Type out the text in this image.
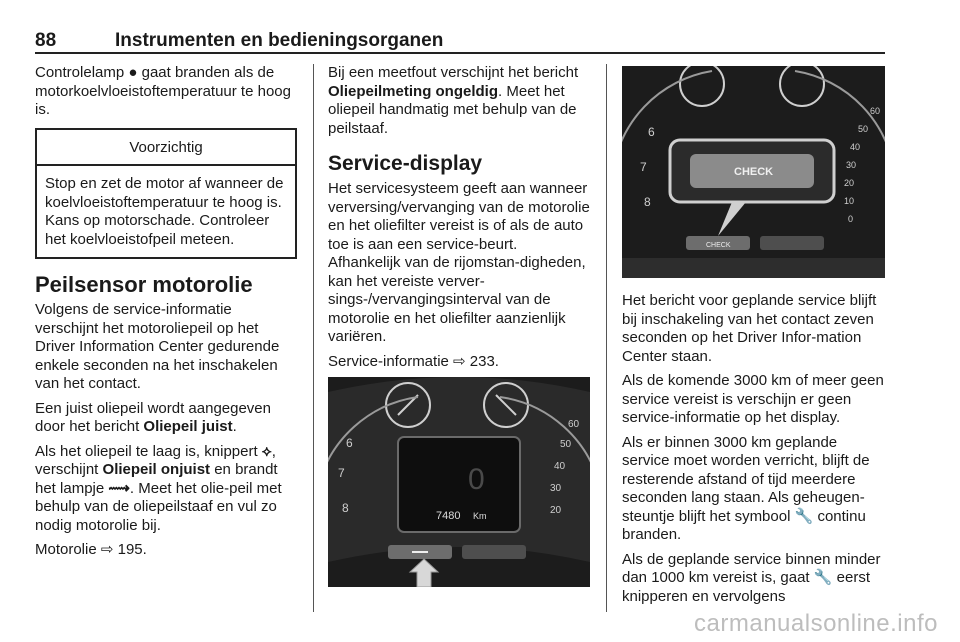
88	Instrumenten en bedieningsorganen

Controlelamp ● gaat branden als de motorkoelvloeistoftemperatuur te hoog is.

Voorzichtig
Stop en zet de motor af wanneer de koelvloeistoftemperatuur te hoog is. Kans op motorschade. Controleer het koelvloeistofpeil meteen.
Peilsensor motorolie

Volgens de service-informatie verschijnt het motoroliepeil op het Driver Information Center gedurende enkele seconden na het inschakelen van het contact.

Een juist oliepeil wordt aangegeven door het bericht Oliepeil juist.

Als het oliepeil te laag is, knippert ⟡, verschijnt Oliepeil onjuist en brandt het lampje ⟿. Meet het olie-peil met behulp van de oliepeilstaaf en vul zo nodig motorolie bij.

Motorolie ⇨ 195.

Bij een meetfout verschijnt het bericht Oliepeilmeting ongeldig. Meet het oliepeil handmatig met behulp van de peilstaaf.

Service-display

Het servicesysteem geeft aan wanneer verversing/vervanging van de motorolie en het oliefilter vereist is of als de auto toe is aan een service-beurt. Afhankelijk van de rijomstan-digheden, kan het vereiste verver-sings-/vervangingsinterval van de motorolie en het oliefilter aanzienlijk variëren.

Service-informatie ⇨ 233.

6
7
8
60
50
40
30
20
0
7480 Km
6
7
8
60
50
40
30
20
10
0
CHECK
CHECK

Het bericht voor geplande service blijft bij inschakeling van het contact zeven seconden op het Driver Infor-mation Center staan.

Als de komende 3000 km of meer geen service vereist is verschijn er geen service-informatie op het display.

Als er binnen 3000 km geplande service moet worden verricht, blijft de resterende afstand of tijd meerdere seconden lang staan. Als geheugen-steuntje blijft het symbool 🔧 continu branden.

Als de geplande service binnen minder dan 1000 km vereist is, gaat 🔧 eerst knipperen en vervolgens

carmanualsonline.info
